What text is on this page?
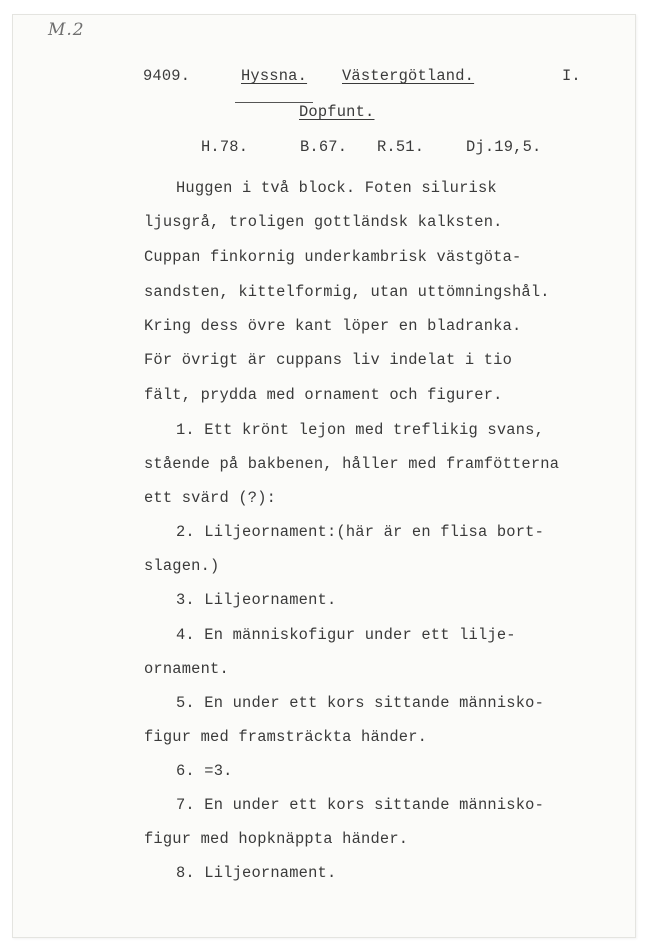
M.2
9409.	Hyssna. Västergötland.	I.
Dopfunt.
H.78.	B.67. R.51.	Dj.19,5.
Huggen i två block. Foten silurisk
ljusgrå, troligen gottländsk kalksten.
Cuppan finkornig underkambrisk västgöta-
sandsten, kittelformig, utan uttömningshål.
Kring dess övre kant löper en bladranka.
För övrigt är cuppans liv indelat i tio
fält, prydda med ornament och figurer.
1. Ett krönt lejon med treflikig svans,
stående på bakbenen, håller med framfötterna
ett svärd (?):
2. Liljeornament:(här är en flisa bort-
slagen.)
3. Liljeornament.
4. En människofigur under ett lilje-
ornament.
5. En under ett kors sittande människo-
figur med framsträckta händer.
6. =3.
7. En under ett kors sittande människo-
figur med hopknäppta händer.
8. Liljeornament.
